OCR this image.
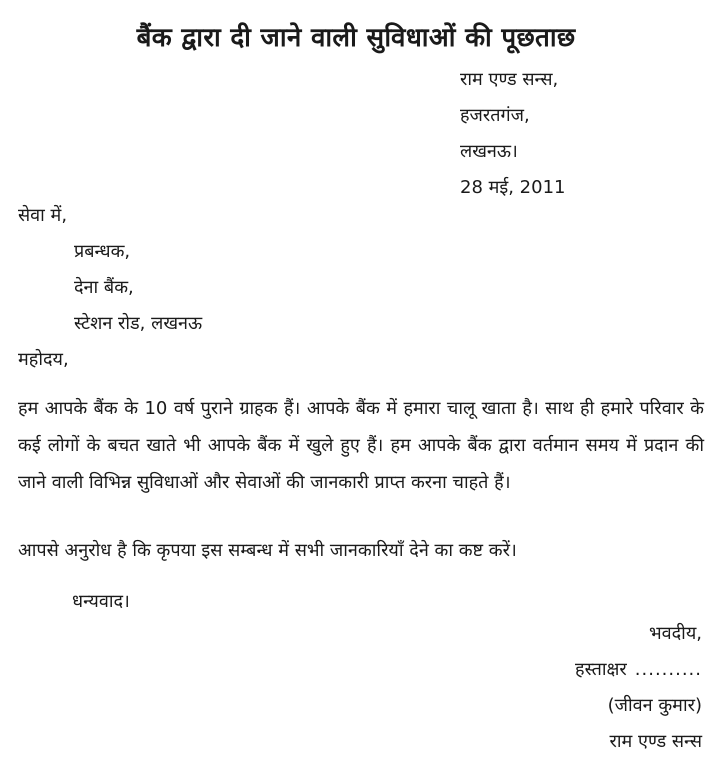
बैंक द्वारा दी जाने वाली सुविधाओं की पूछताछ
राम एण्ड सन्स,
हजरतगंज,
लखनऊ।
28 मई, 2011
सेवा में,
प्रबन्धक,
देना बैंक,
स्टेशन रोड, लखनऊ
महोदय,

हम आपके बैंक के 10 वर्ष पुराने ग्राहक हैं। आपके बैंक में हमारा चालू खाता है। साथ ही हमारे परिवार के कई लोगों के बचत खाते भी आपके बैंक में खुले हुए हैं। हम आपके बैंक द्वारा वर्तमान समय में प्रदान की जाने वाली विभिन्न सुविधाओं और सेवाओं की जानकारी प्राप्त करना चाहते हैं।

आपसे अनुरोध है कि कृपया इस सम्बन्ध में सभी जानकारियाँ देने का कष्ट करें।
धन्यवाद।
भवदीय,
हस्ताक्षर ..........
(जीवन कुमार)
राम एण्ड सन्स
